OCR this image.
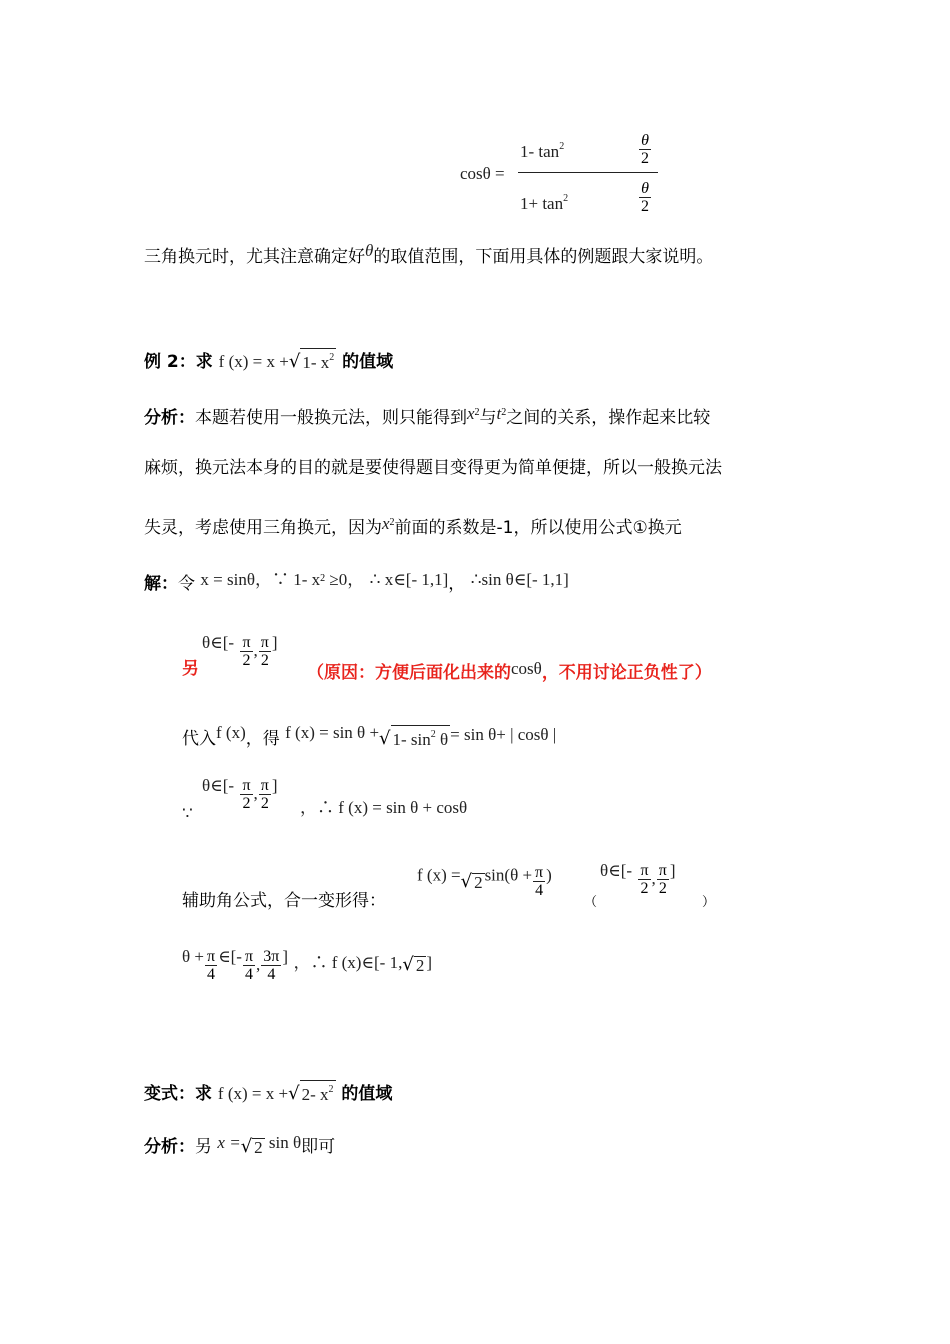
cosθ =
1- $\tan^2$	θ
2
$1+ \tan^2$
θ
2
三角换元时，尤其注意确定好θ的取值范围，下面用具体的例题跟大家说明。
例 2：求 f (x) = x + √ 1- $x^2$ 的值域
分析：本题若使用一般换元法，则只能得到$x^2$与$t^2$之间的关系，操作起来比较
麻烦，换元法本身的目的就是要使得题目变得更为简单便捷，所以一般换元法
失灵，考虑使用三角换元，因为$x^2$前面的系数是-1，所以使用公式①换元
解：令 x = sinθ，∵ 1- $x^2 \ge 0$， ∴ x∈[- 1,1]， ∴sin θ∈[- 1,1]
另
θ∈[- $\frac{\pi}{2}$ , $\frac{\pi}{2}$ ]
（原因：方便后面化出来的cosθ，不用讨论正负性了）
代入f (x)，得 f (x) = sin θ + √ 1- $\sin^2 \theta = \sin \theta+$ | cosθ |
∵
θ∈[- $\frac{\pi}{2}$ , $\frac{\pi}{2}$ ]
，∴ f (x) = sin θ + cosθ
辅助角公式，合一变形得：
f (x) = √ 2 $\sin(\theta + \frac{\pi}{4}$ )
（
θ∈[- $\frac{\pi}{2}$ , $\frac{\pi}{2}$ ]
）
$\theta + \frac{\pi}{4}$ ∈[- $\frac{\pi}{4}$ , $\frac{3\pi}{4}$ ] ，∴ f (x)∈[- 1, √ 2 ]
变式：求 f (x) = x + √ 2- $x^2$ 的值域
分析：另 x = √ 2 sin θ即可
